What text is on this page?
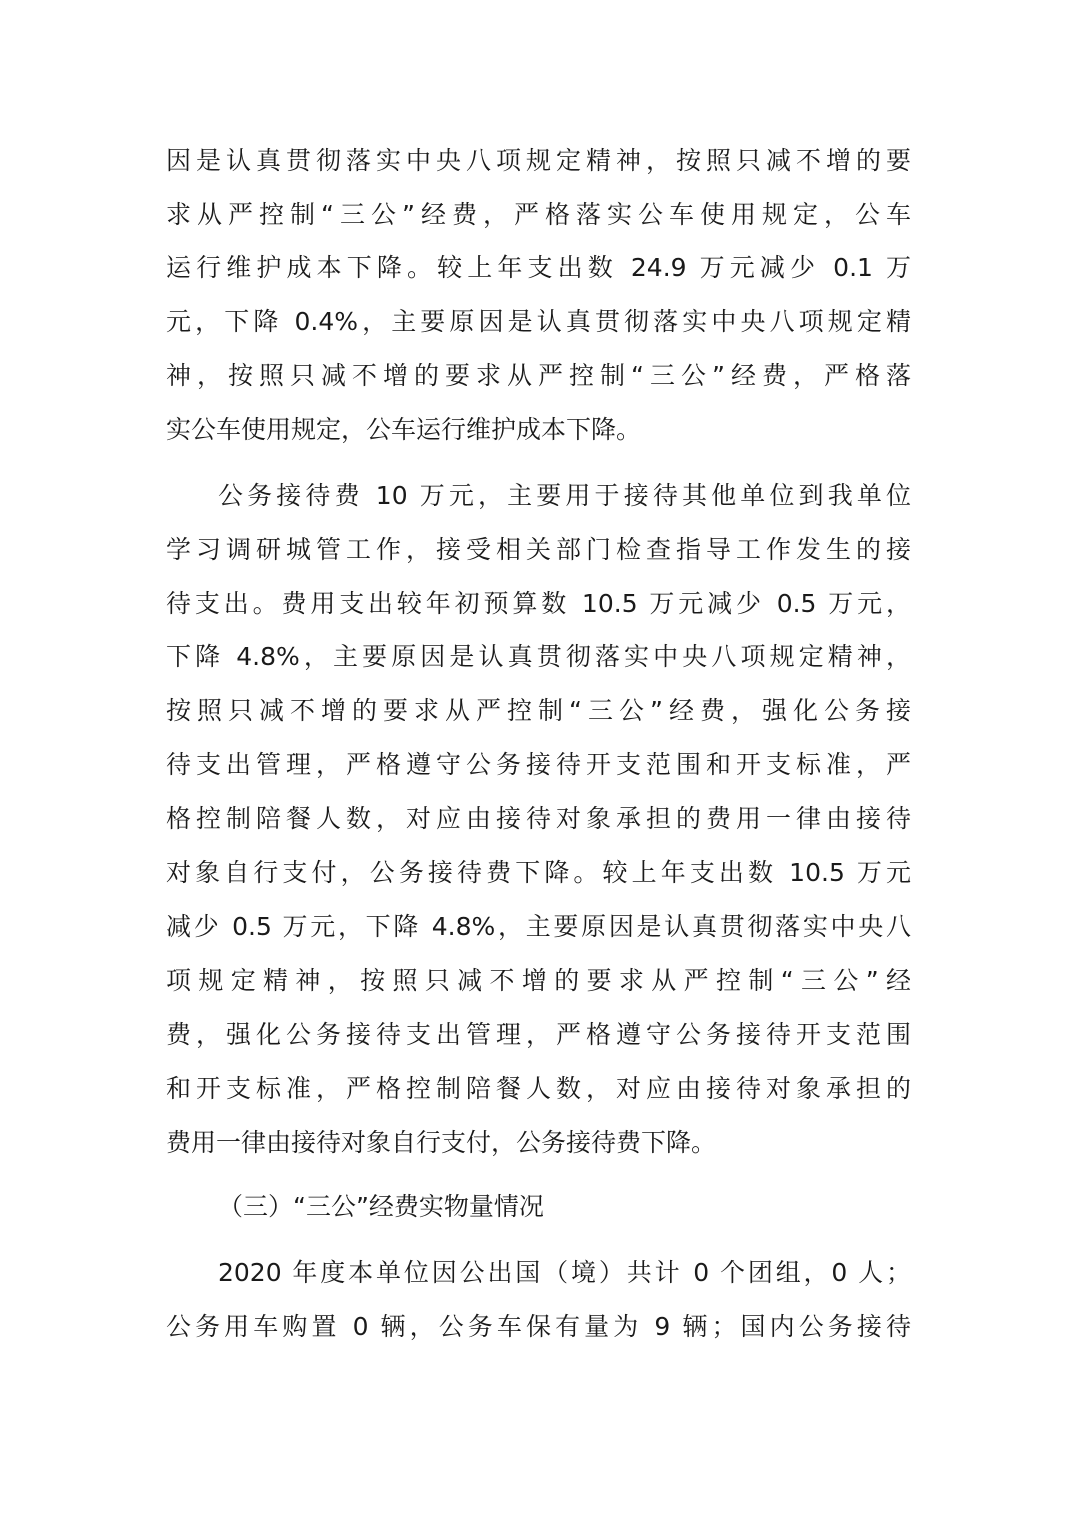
因是认真贯彻落实中央八项规定精神，按照只减不增的要
求从严控制“三公”经费，严格落实公车使用规定，公车
运行维护成本下降。较上年支出数 24.9 万元减少 0.1 万
元，下降 0.4%，主要原因是认真贯彻落实中央八项规定精
神，按照只减不增的要求从严控制“三公”经费，严格落
实公车使用规定，公车运行维护成本下降。
公务接待费 10 万元，主要用于接待其他单位到我单位
学习调研城管工作，接受相关部门检查指导工作发生的接
待支出。费用支出较年初预算数 10.5 万元减少 0.5 万元，
下降 4.8%，主要原因是认真贯彻落实中央八项规定精神，
按照只减不增的要求从严控制“三公”经费，强化公务接
待支出管理，严格遵守公务接待开支范围和开支标准，严
格控制陪餐人数，对应由接待对象承担的费用一律由接待
对象自行支付，公务接待费下降。较上年支出数 10.5 万元
减少 0.5 万元，下降 4.8%，主要原因是认真贯彻落实中央八
项规定精神，按照只减不增的要求从严控制“三公”经
费，强化公务接待支出管理，严格遵守公务接待开支范围
和开支标准，严格控制陪餐人数，对应由接待对象承担的
费用一律由接待对象自行支付，公务接待费下降。
（三）“三公”经费实物量情况
2020 年度本单位因公出国（境）共计 0 个团组，0 人；
公务用车购置 0 辆，公务车保有量为 9 辆；国内公务接待
